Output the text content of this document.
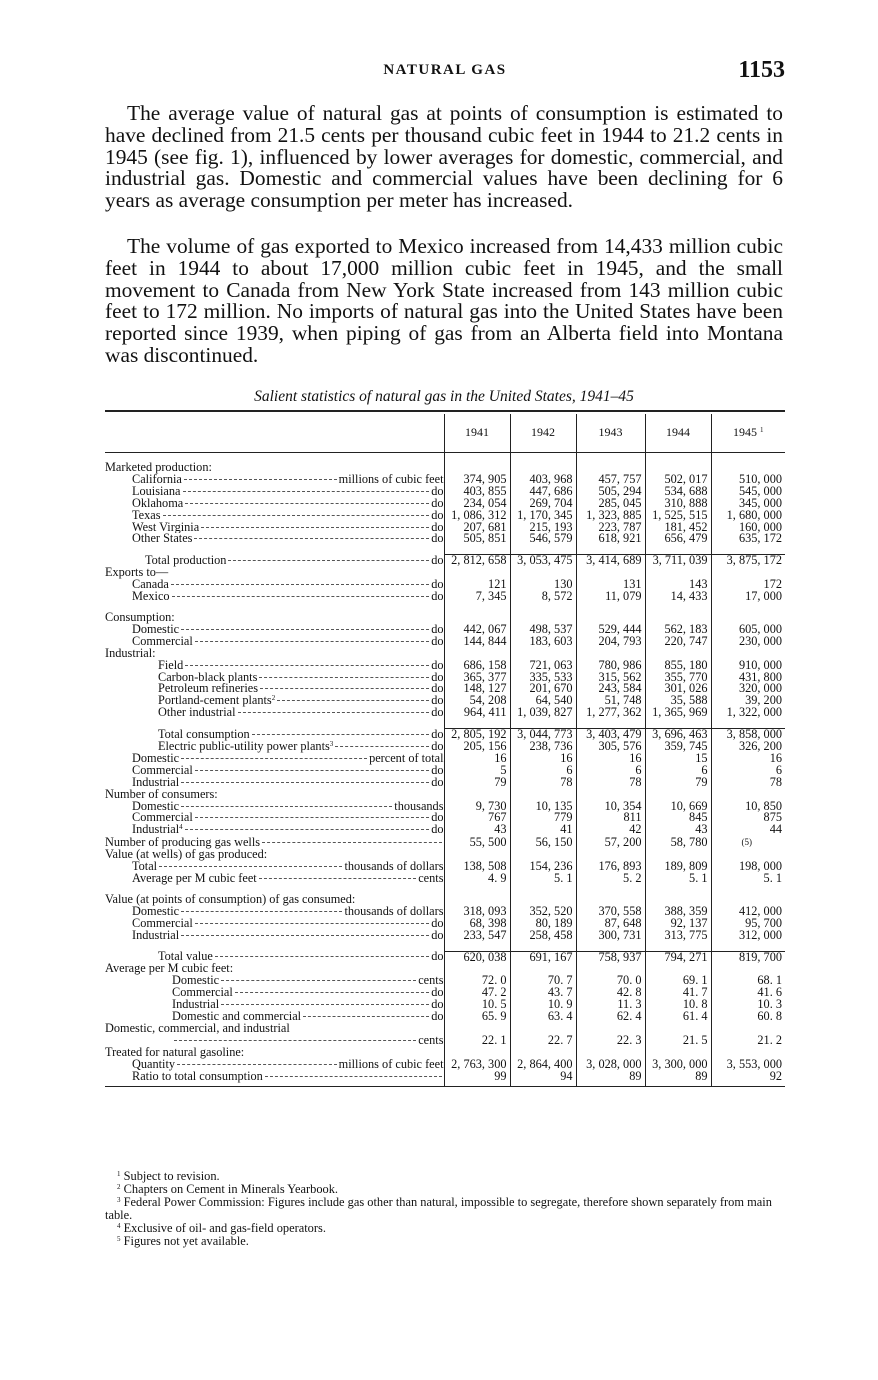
NATURAL GAS	1153

The average value of natural gas at points of consumption is estimated to have declined from 21.5 cents per thousand cubic feet in 1944 to 21.2 cents in 1945 (see fig. 1), influenced by lower averages for domestic, commercial, and industrial gas. Domestic and commercial values have been declining for 6 years as average consumption per meter has increased.

The volume of gas exported to Mexico increased from 14,433 million cubic feet in 1944 to about 17,000 million cubic feet in 1945, and the small movement to Canada from New York State increased from 143 million cubic feet to 172 million. No imports of natural gas into the United States have been reported since 1939, when piping of gas from an Alberta field into Montana was discontinued.

Salient statistics of natural gas in the United States, 1941–45

	1941	1942	1943	1944	1945 $^1$

Marketed production:					

California millions of cubic feet	374, 905	403, 968	457, 757	502, 017	510, 000

Louisiana do	403, 855	447, 686	505, 294	534, 688	545, 000

Oklahoma do	234, 054	269, 704	285, 045	310, 888	345, 000

Texas do	1, 086, 312	1, 170, 345	1, 323, 885	1, 525, 515	1, 680, 000

West Virginia do	207, 681	215, 193	223, 787	181, 452	160, 000

Other States do	505, 851	546, 579	618, 921	656, 479	635, 172

Total production do	2, 812, 658	3, 053, 475	3, 414, 689	3, 711, 039	3, 875, 172
Exports to—					

Canada do	121	130	131	143	172

Mexico do	7, 345	8, 572	11, 079	14, 433	17, 000

Consumption:					

Domestic do	442, 067	498, 537	529, 444	562, 183	605, 000

Commercial do	144, 844	183, 603	204, 793	220, 747	230, 000
Industrial:					

Field do	686, 158	721, 063	780, 986	855, 180	910, 000

Carbon-black plants do	365, 377	335, 533	315, 562	355, 770	431, 800

Petroleum refineries do	148, 127	201, 670	243, 584	301, 026	320, 000

Portland-cement plants$^2$ do	54, 208	64, 540	51, 748	35, 588	39, 200

Other industrial do	964, 411	1, 039, 827	1, 277, 362	1, 365, 969	1, 322, 000

Total consumption do	2, 805, 192	3, 044, 773	3, 403, 479	3, 696, 463	3, 858, 000

Electric public-utility power plants$^3$ do	205, 156	238, 736	305, 576	359, 745	326, 200

Domestic percent of total	16	16	16	15	16

Commercial do	5	6	6	6	6

Industrial do	79	78	78	79	78
Number of consumers:					

Domestic thousands	9, 730	10, 135	10, 354	10, 669	10, 850

Commercial do	767	779	811	845	875

Industrial$^4$ do	43	41	42	43	44

Number of producing gas wells	55, 500	56, 150	57, 200	58, 780	(5)
Value (at wells) of gas produced:					

Total thousands of dollars	138, 508	154, 236	176, 893	189, 809	198, 000

Average per M cubic feet cents	4. 9	5. 1	5. 2	5. 1	5. 1

Value (at points of consumption) of gas consumed:					

Domestic thousands of dollars	318, 093	352, 520	370, 558	388, 359	412, 000

Commercial do	68, 398	80, 189	87, 648	92, 137	95, 700

Industrial do	233, 547	258, 458	300, 731	313, 775	312, 000

Total value do	620, 038	691, 167	758, 937	794, 271	819, 700
Average per M cubic feet:					

Domestic cents	72. 0	70. 7	70. 0	69. 1	68. 1

Commercial do	47. 2	43. 7	42. 8	41. 7	41. 6

Industrial do	10. 5	10. 9	11. 3	10. 8	10. 3

Domestic and commercial do	65. 9	63. 4	62. 4	61. 4	60. 8
Domestic, commercial, and industrial					

cents	22. 1	22. 7	22. 3	21. 5	21. 2
Treated for natural gasoline:					

Quantity millions of cubic feet	2, 763, 300	2, 864, 400	3, 028, 000	3, 300, 000	3, 553, 000

Ratio to total consumption	99	94	89	89	92
$^1$ Subject to revision.
$^2$ Chapters on Cement in Minerals Yearbook.
$^3$ Federal Power Commission: Figures include gas other than natural, impossible to segregate, therefore shown separately from main table.
$^4$ Exclusive of oil- and gas-field operators.
$^5$ Figures not yet available.
